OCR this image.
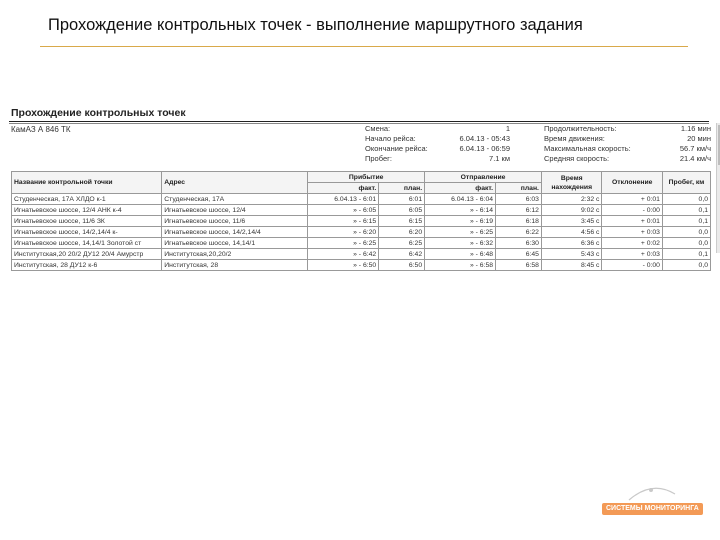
Прохождение контрольных точек - выполнение маршрутного задания
Прохождение контрольных точек
КамАЗ А 846 ТК	Смена:	1
Начало рейса:	6.04.13 - 05:43
Окончание рейса:	6.04.13 - 06:59
Пробег:	7.1 км
Продолжительность:	1.16 мин
Время движения:	20 мин
Максимальная скорость:	56.7 км/ч
Средняя скорость:	21.4 км/ч
Название контрольной точки	Адрес	Прибытие		Отправление		Время нахождения	Отклонение	Пробег, км
		факт.	план.	факт.	план.			
Студенческая, 17А ХЛДО к-1	Студенческая, 17А	6.04.13 - 6:01	6:01	6.04.13 - 6:04	6:03	2:32 с	+ 0:01	0,0
Игнатьевское шоссе, 12/4 АНК к-4	Игнатьевское шоссе, 12/4	» - 6:05	6:05	» - 6:14	6:12	9:02 с	- 0:00	0,1
Игнатьевское шоссе, 11/6 ЗК	Игнатьевское шоссе, 11/6	» - 6:15	6:15	» - 6:19	6:18	3:45 с	+ 0:01	0,1
Игнатьевское шоссе, 14/2,14/4 к-	Игнатьевское шоссе, 14/2,14/4	» - 6:20	6:20	» - 6:25	6:22	4:56 с	+ 0:03	0,0
Игнатьевское шоссе, 14,14/1 Золотой ст	Игнатьевское шоссе, 14,14/1	» - 6:25	6:25	» - 6:32	6:30	6:36 с	+ 0:02	0,0
Институтская,20 20/2 ДУ12 20/4 Амурстр	Институтская,20,20/2	» - 6:42	6:42	» - 6:48	6:45	5:43 с	+ 0:03	0,1
Институтская, 28 ДУ12 к-6	Институтская, 28	» - 6:50	6:50	» - 6:58	6:58	8:45 с	- 0:00	0,0
СИСТЕМЫ МОНИТОРИНГА
